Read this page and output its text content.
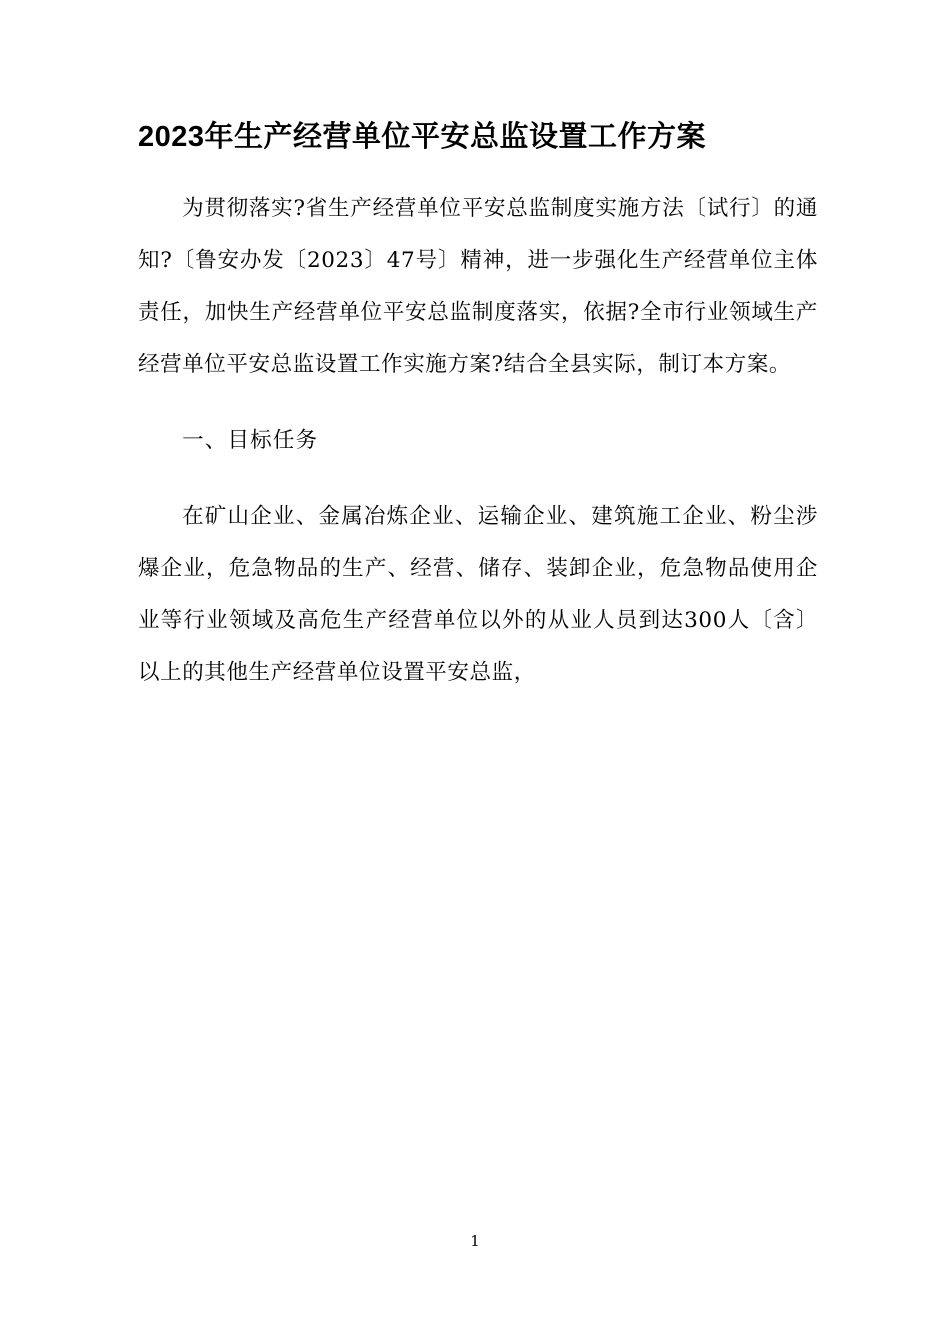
2023年生产经营单位平安总监设置工作方案

为贯彻落实?省生产经营单位平安总监制度实施方法〔试行〕的通知?〔鲁安办发〔2023〕47号〕精神，进一步强化生产经营单位主体责任，加快生产经营单位平安总监制度落实，依据?全市行业领域生产经营单位平安总监设置工作实施方案?结合全县实际，制订本方案。

一、目标任务

在矿山企业、金属冶炼企业、运输企业、建筑施工企业、粉尘涉爆企业，危急物品的生产、经营、储存、装卸企业，危急物品使用企业等行业领域及高危生产经营单位以外的从业人员到达300人〔含〕以上的其他生产经营单位设置平安总监，

1
